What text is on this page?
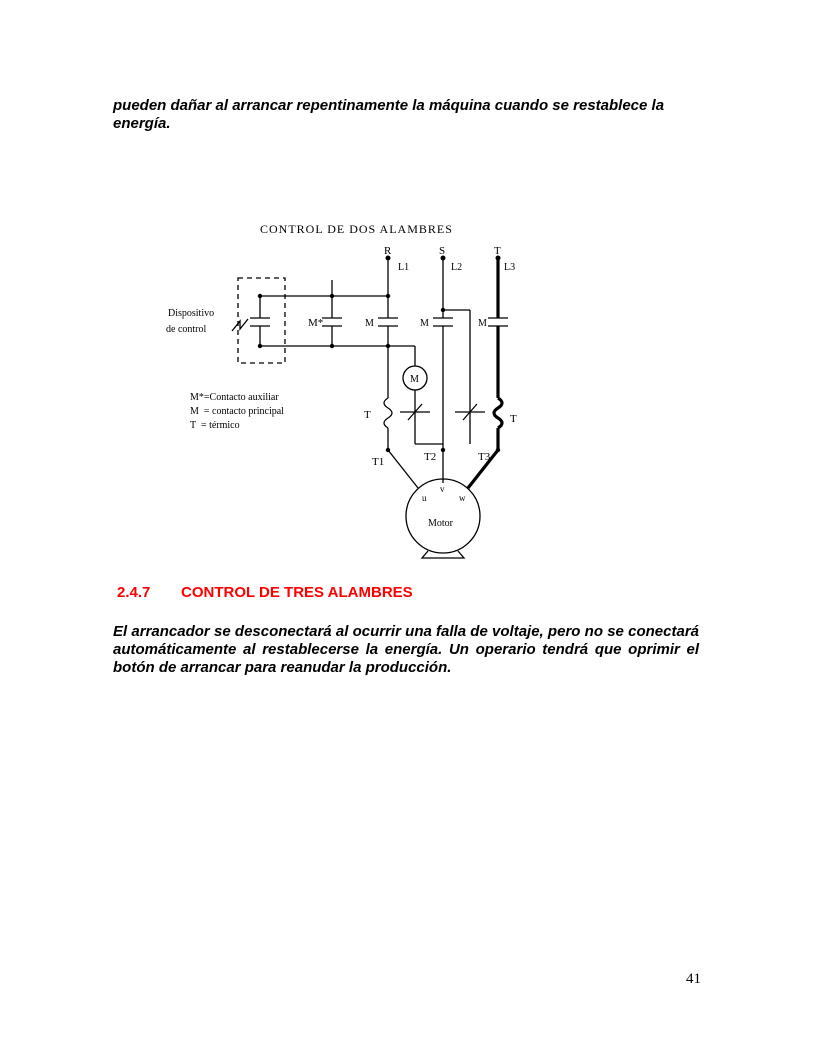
pueden dañar al arrancar repentinamente la máquina cuando se restablece la energía.

CONTROL DE DOS ALAMBRES
R	S	T
L1	L2	L3
Dispositivo
de control
M*	M	M	M
M
T	T
T1	T2	T3
u
v
w
Motor
M*=Contacto auxiliar
M  = contacto principal
T  = térmico

2.4.7 CONTROL DE TRES ALAMBRES

El arrancador se desconectará al ocurrir una falla de voltaje, pero no se conectará automáticamente al restablecerse la energía. Un operario tendrá que oprimir el botón de arrancar para reanudar la producción.

41
